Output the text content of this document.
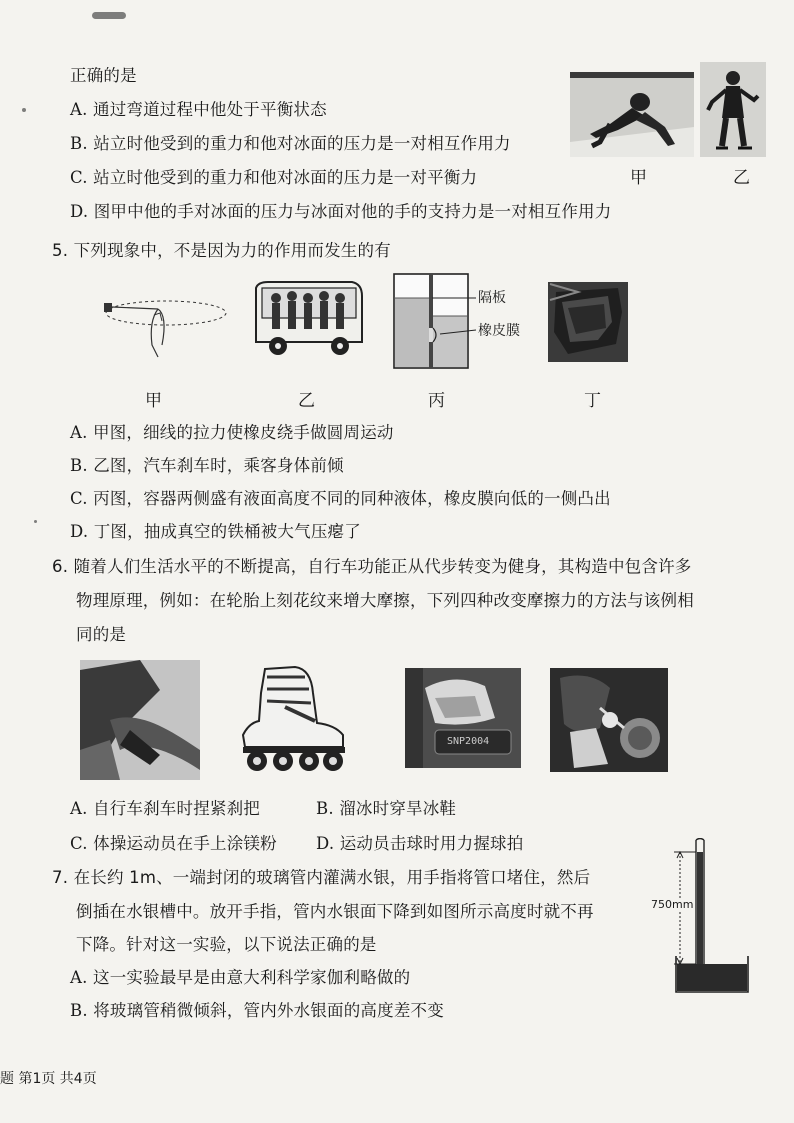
正确的是
A. 通过弯道过程中他处于平衡状态
B. 站立时他受到的重力和他对冰面的压力是一对相互作用力
C. 站立时他受到的重力和他对冰面的压力是一对平衡力
D. 图甲中他的手对冰面的压力与冰面对他的手的支持力是一对相互作用力
甲	乙
5. 下列现象中，不是因为力的作用而发生的有
隔板
橡皮膜
甲	乙	丙	丁
A. 甲图，细线的拉力使橡皮绕手做圆周运动
B. 乙图，汽车刹车时，乘客身体前倾
C. 丙图，容器两侧盛有液面高度不同的同种液体，橡皮膜向低的一侧凸出
D. 丁图，抽成真空的铁桶被大气压瘪了
6. 随着人们生活水平的不断提高，自行车功能正从代步转变为健身，其构造中包含许多
物理原理，例如：在轮胎上刻花纹来增大摩擦，下列四种改变摩擦力的方法与该例相
同的是
SNP2004
A. 自行车刹车时捏紧刹把	B. 溜冰时穿旱冰鞋
C. 体操运动员在手上涂镁粉 D. 运动员击球时用力握球拍
7. 在长约 1m、一端封闭的玻璃管内灌满水银，用手指将管口堵住，然后
倒插在水银槽中。放开手指，管内水银面下降到如图所示高度时就不再
下降。针对这一实验，以下说法正确的是
A. 这一实验最早是由意大利科学家伽利略做的
B. 将玻璃管稍微倾斜，管内外水银面的高度差不变
750mm
题 第1页 共4页
